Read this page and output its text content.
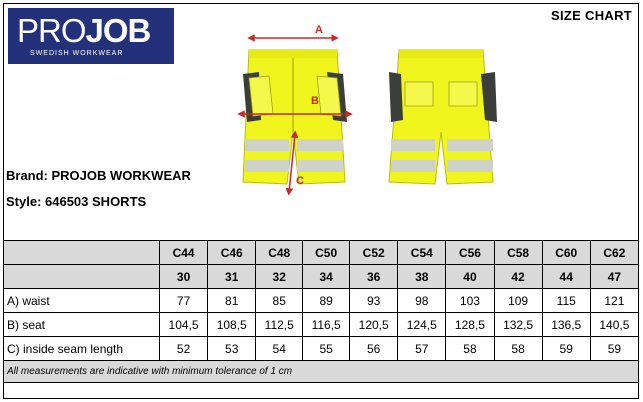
PROJOB
SWEDISH WORKWEAR
SIZE CHART
A
B
C
Brand: PROJOB WORKWEAR
Style: 646503 SHORTS
	C44	C46	C48	C50	C52	C54	C56	C58	C60	C62
	30	31	32	34	36	38	40	42	44	47
A) waist	77	81	85	89	93	98	103	109	115	121
B) seat	104,5	108,5	112,5	116,5	120,5	124,5	128,5	132,5	136,5	140,5
C) inside seam length	52	53	54	55	56	57	58	58	59	59
All measurements are indicative with minimum tolerance of 1 cm										
